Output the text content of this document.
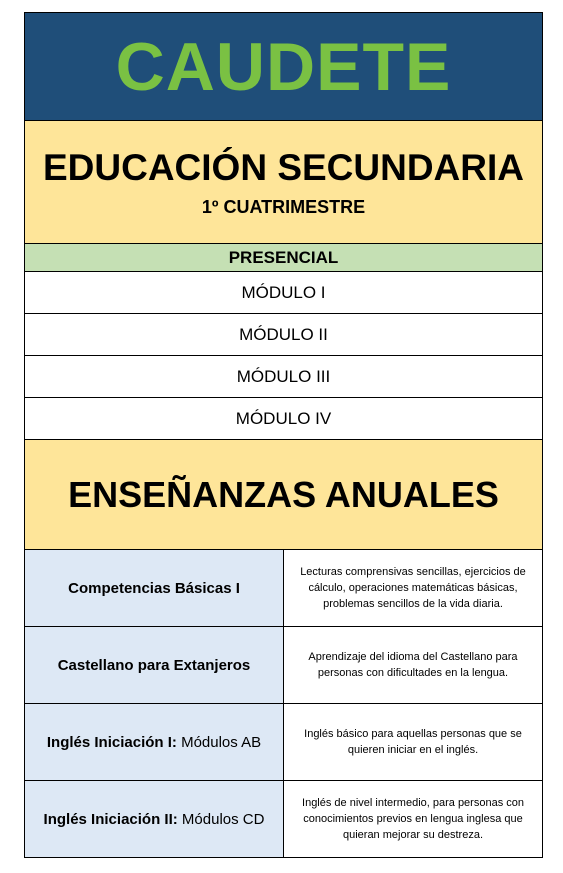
CAUDETE
EDUCACIÓN SECUNDARIA
1º CUATRIMESTRE
PRESENCIAL
MÓDULO I
MÓDULO II
MÓDULO III
MÓDULO IV
ENSEÑANZAS ANUALES
Competencias Básicas I
Lecturas comprensivas sencillas, ejercicios de cálculo, operaciones matemáticas básicas, problemas sencillos de la vida diaria.
Castellano para Extanjeros	Aprendizaje del idioma del Castellano para personas con dificultades en la lengua.
Inglés Iniciación I: Módulos AB	Inglés básico para aquellas personas que se quieren iniciar en el inglés.
Inglés Iniciación II: Módulos CD
Inglés de nivel intermedio, para personas con conocimientos previos en lengua inglesa que quieran mejorar su destreza.
